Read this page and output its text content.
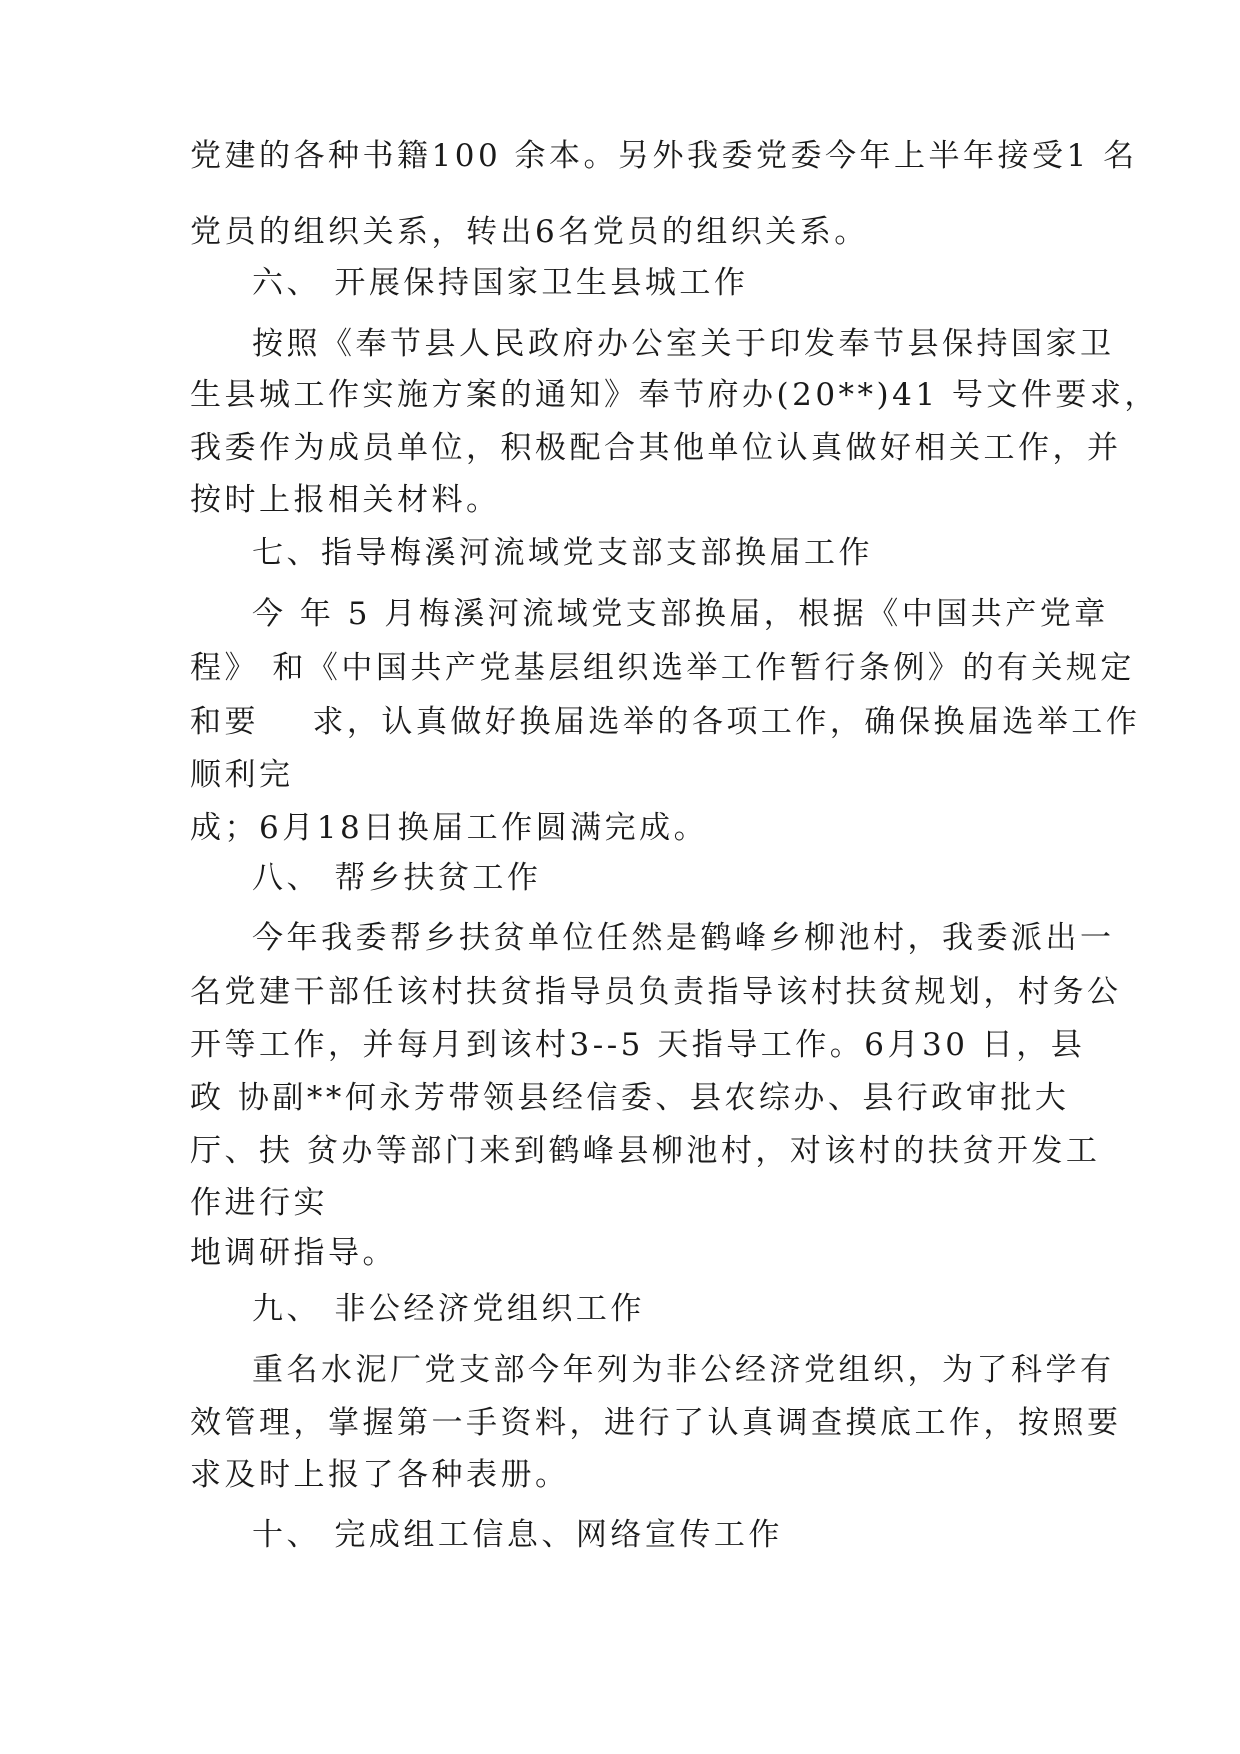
党建的各种书籍100 余本。另外我委党委今年上半年接受1 名
党员的组织关系，转出6名党员的组织关系。
六、 开展保持国家卫生县城工作
按照《奉节县人民政府办公室关于印发奉节县保持国家卫
生县城工作实施方案的通知》奉节府办(20**)41 号文件要求，
我委作为成员单位，积极配合其他单位认真做好相关工作，并
按时上报相关材料。
七、指导梅溪河流域党支部支部换届工作
今 年 5 月梅溪河流域党支部换届，根据《中国共产党章
程》 和《中国共产党基层组织选举工作暂行条例》的有关规定
和要    求，认真做好换届选举的各项工作，确保换届选举工作
顺利完
成；6月18日换届工作圆满完成。
八、 帮乡扶贫工作
今年我委帮乡扶贫单位任然是鹤峰乡柳池村，我委派出一
名党建干部任该村扶贫指导员负责指导该村扶贫规划，村务公
开等工作，并每月到该村3--5 天指导工作。6月30 日，县
政 协副**何永芳带领县经信委、县农综办、县行政审批大
厅、扶 贫办等部门来到鹤峰县柳池村，对该村的扶贫开发工
作进行实
地调研指导。
九、 非公经济党组织工作
重名水泥厂党支部今年列为非公经济党组织，为了科学有
效管理，掌握第一手资料，进行了认真调查摸底工作，按照要
求及时上报了各种表册。
十、 完成组工信息、网络宣传工作
